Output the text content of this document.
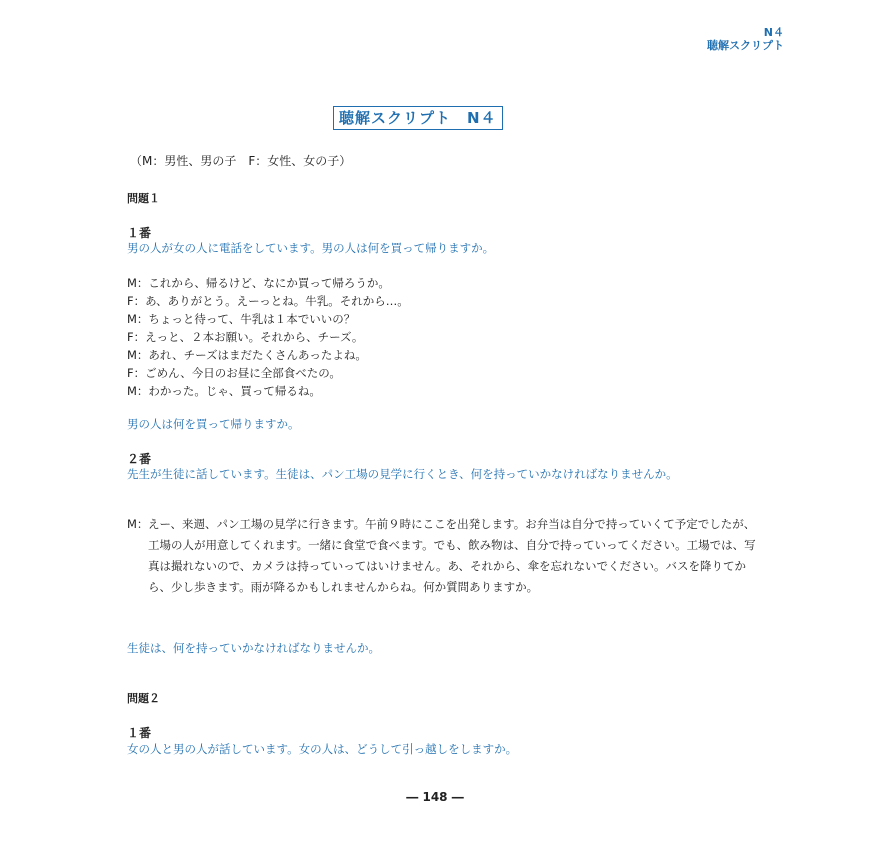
N４
聴解スクリプト
聴解スクリプト　N４
（M：男性、男の子　F：女性、女の子）
問題１
１番
男の人が女の人に電話をしています。男の人は何を買って帰りますか。
M：これから、帰るけど、なにか買って帰ろうか。
F：あ、ありがとう。えーっとね。牛乳。それから…。
M：ちょっと待って、牛乳は１本でいいの？
F：えっと、２本お願い。それから、チーズ。
M：あれ、チーズはまだたくさんあったよね。
F：ごめん、今日のお昼に全部食べたの。
M：わかった。じゃ、買って帰るね。
男の人は何を買って帰りますか。
２番
先生が生徒に話しています。生徒は、パン工場の見学に行くとき、何を持っていかなければなりませんか。
M： えー、来週、パン工場の見学に行きます。午前９時にここを出発します。お弁当は自分で持っていくて予定でしたが、工場の人が用意してくれます。一緒に食堂で食べます。でも、飲み物は、自分で持っていってください。工場では、写真は撮れないので、カメラは持っていってはいけません。あ、それから、傘を忘れないでください。バスを降りてから、少し歩きます。雨が降るかもしれませんからね。何か質問ありますか。
生徒は、何を持っていかなければなりませんか。
問題２
１番
女の人と男の人が話しています。女の人は、どうして引っ越しをしますか。
― 148 ―
